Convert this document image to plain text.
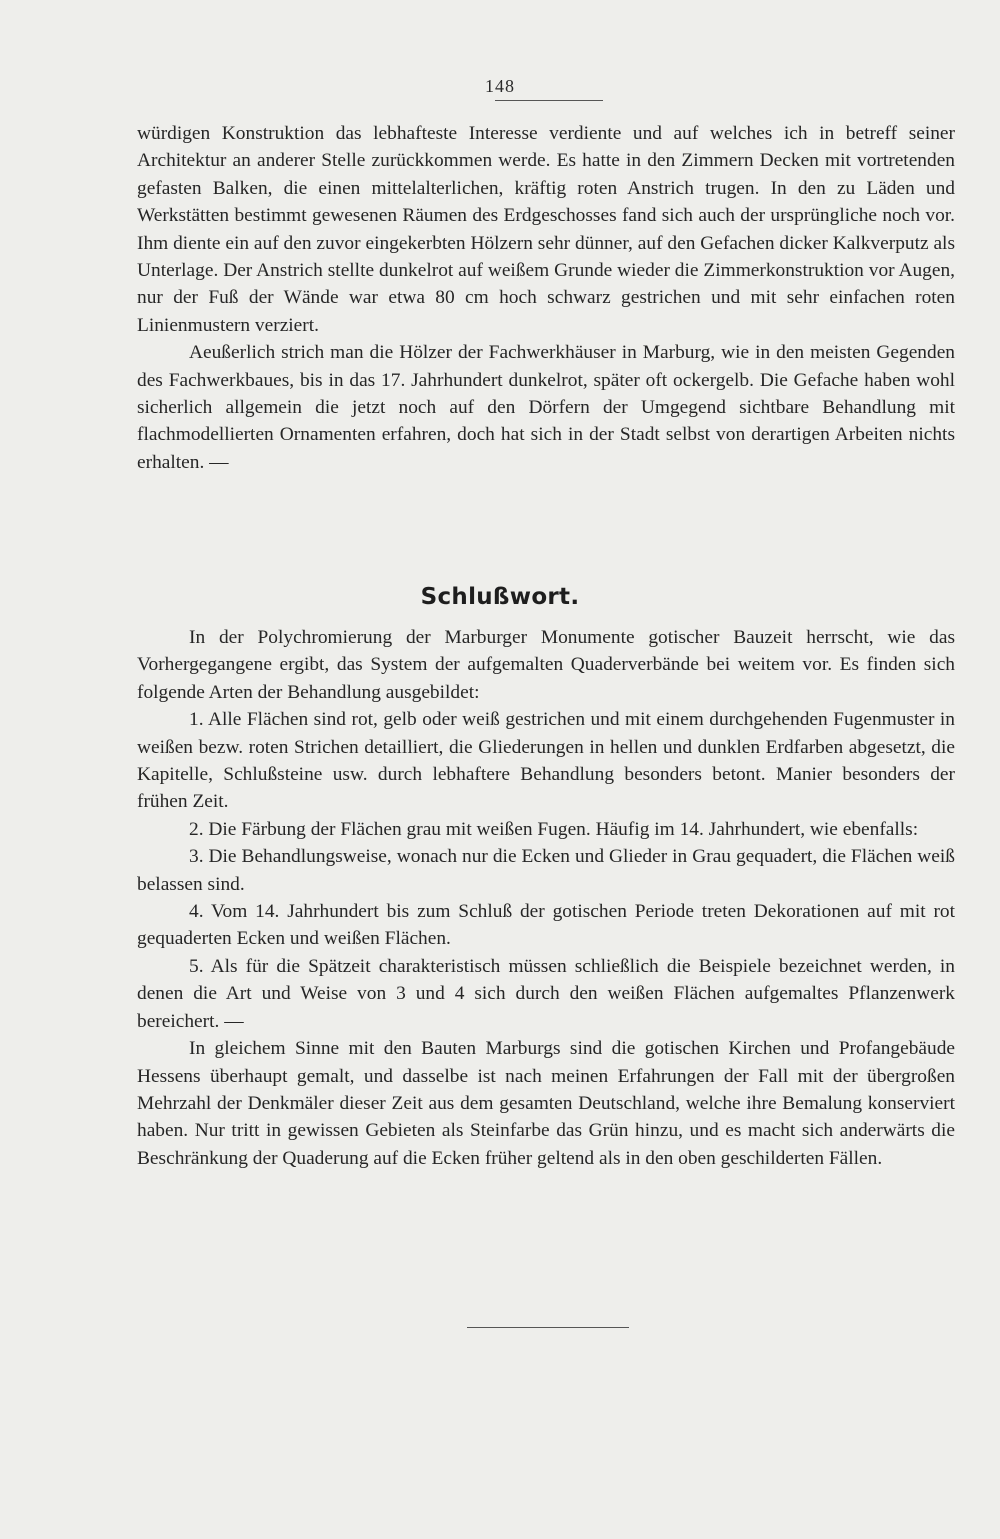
148

würdigen Konstruktion das lebhafteste Interesse verdiente und auf welches ich in betreff seiner Architektur an anderer Stelle zurückkommen werde. Es hatte in den Zimmern Decken mit vortretenden gefasten Balken, die einen mittelalterlichen, kräftig roten Anstrich trugen. In den zu Läden und Werkstätten bestimmt gewesenen Räumen des Erdgeschosses fand sich auch der ursprüngliche noch vor. Ihm diente ein auf den zuvor eingekerbten Hölzern sehr dünner, auf den Gefachen dicker Kalkverputz als Unterlage. Der Anstrich stellte dunkelrot auf weißem Grunde wieder die Zimmerkonstruktion vor Augen, nur der Fuß der Wände war etwa 80 cm hoch schwarz gestrichen und mit sehr einfachen roten Linienmustern verziert.

Aeußerlich strich man die Hölzer der Fachwerkhäuser in Marburg, wie in den meisten Gegenden des Fachwerkbaues, bis in das 17. Jahrhundert dunkelrot, später oft ockergelb. Die Gefache haben wohl sicherlich allgemein die jetzt noch auf den Dörfern der Umgegend sichtbare Behandlung mit flachmodellierten Ornamenten erfahren, doch hat sich in der Stadt selbst von derartigen Arbeiten nichts erhalten. —

Schlußwort.

In der Polychromierung der Marburger Monumente gotischer Bauzeit herrscht, wie das Vorhergegangene ergibt, das System der aufgemalten Quaderverbände bei weitem vor. Es finden sich folgende Arten der Behandlung ausgebildet:

1. Alle Flächen sind rot, gelb oder weiß gestrichen und mit einem durchgehenden Fugenmuster in weißen bezw. roten Strichen detailliert, die Gliederungen in hellen und dunklen Erdfarben abgesetzt, die Kapitelle, Schlußsteine usw. durch lebhaftere Behandlung besonders betont. Manier besonders der frühen Zeit.

2. Die Färbung der Flächen grau mit weißen Fugen. Häufig im 14. Jahrhundert, wie ebenfalls:

3. Die Behandlungsweise, wonach nur die Ecken und Glieder in Grau gequadert, die Flächen weiß belassen sind.

4. Vom 14. Jahrhundert bis zum Schluß der gotischen Periode treten Dekorationen auf mit rot gequaderten Ecken und weißen Flächen.

5. Als für die Spätzeit charakteristisch müssen schließlich die Beispiele bezeichnet werden, in denen die Art und Weise von 3 und 4 sich durch den weißen Flächen aufgemaltes Pflanzenwerk bereichert. —

In gleichem Sinne mit den Bauten Marburgs sind die gotischen Kirchen und Profangebäude Hessens überhaupt gemalt, und dasselbe ist nach meinen Erfahrungen der Fall mit der übergroßen Mehrzahl der Denkmäler dieser Zeit aus dem gesamten Deutschland, welche ihre Bemalung konserviert haben. Nur tritt in gewissen Gebieten als Steinfarbe das Grün hinzu, und es macht sich anderwärts die Beschränkung der Quaderung auf die Ecken früher geltend als in den oben geschilderten Fällen.
